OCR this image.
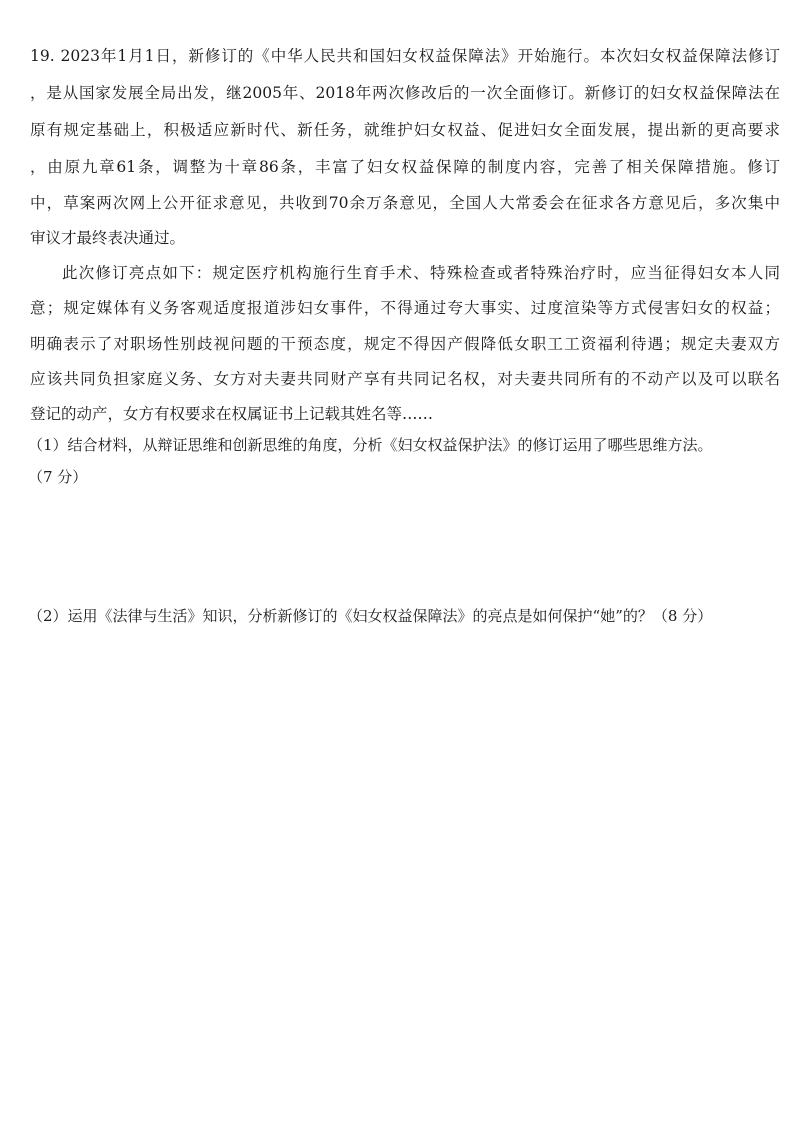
19. 2023年1月1日，新修订的《中华人民共和国妇女权益保障法》开始施行。本次妇女权益保障法修订
，是从国家发展全局出发，继2005年、2018年两次修改后的一次全面修订。新修订的妇女权益保障法在
原有规定基础上，积极适应新时代、新任务，就维护妇女权益、促进妇女全面发展，提出新的更高要求
，由原九章61条，调整为十章86条，丰富了妇女权益保障的制度内容，完善了相关保障措施。修订
中，草案两次网上公开征求意见，共收到70余万条意见，全国人大常委会在征求各方意见后，多次集中
审议才最终表决通过。
此次修订亮点如下：规定医疗机构施行生育手术、特殊检查或者特殊治疗时，应当征得妇女本人同
意；规定媒体有义务客观适度报道涉妇女事件，不得通过夸大事实、过度渲染等方式侵害妇女的权益；
明确表示了对职场性别歧视问题的干预态度，规定不得因产假降低女职工工资福利待遇；规定夫妻双方
应该共同负担家庭义务、女方对夫妻共同财产享有共同记名权，对夫妻共同所有的不动产以及可以联名
登记的动产，女方有权要求在权属证书上记载其姓名等……
（1）结合材料，从辩证思维和创新思维的角度，分析《妇女权益保护法》的修订运用了哪些思维方法。
（7 分）
（2）运用《法律与生活》知识，分析新修订的《妇女权益保障法》的亮点是如何保护“她”的？（8 分）
